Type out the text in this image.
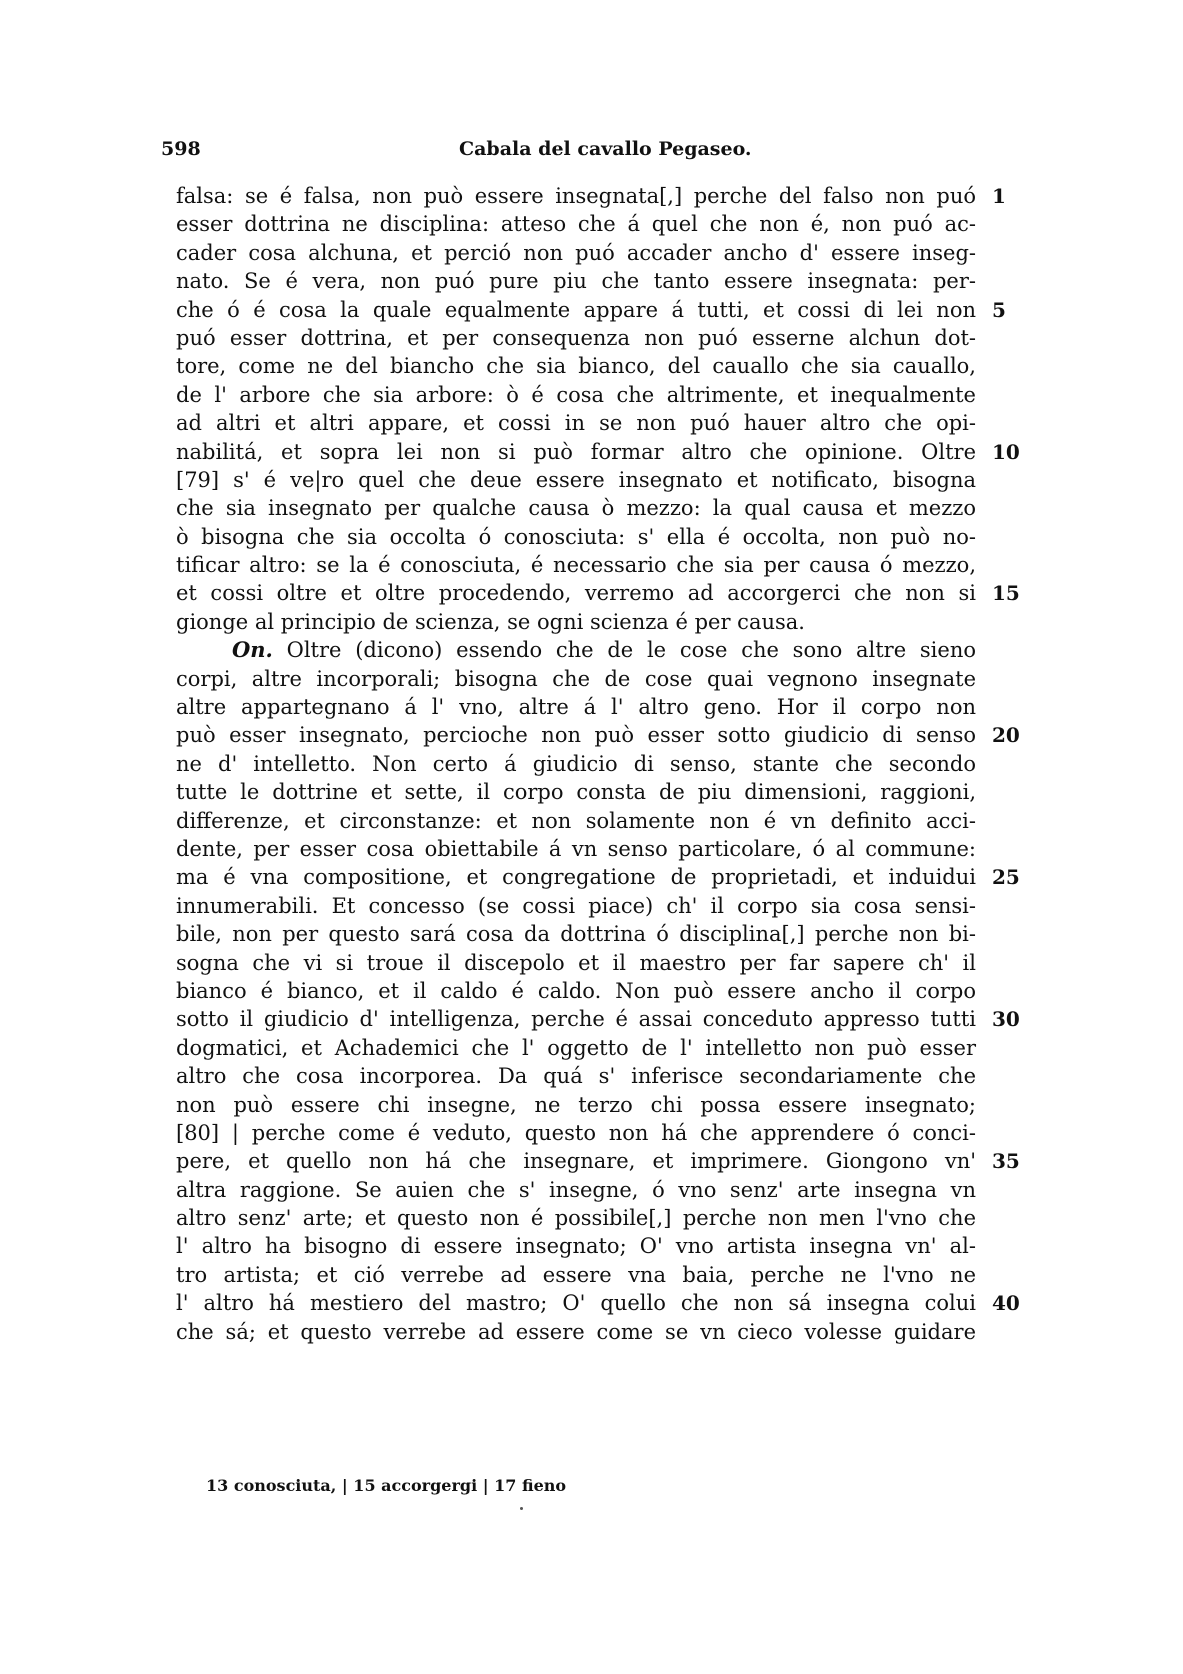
598	Cabala del cavallo Pegaseo.
falsa: se é falsa, non può essere insegnata[,] perche del falso non puó 1
esser dottrina ne disciplina: atteso che á quel che non é, non puó ac-
cader cosa alchuna, et perció non puó accader ancho d' essere inseg-
nato. Se é vera, non puó pure piu che tanto essere insegnata: per-
che ó é cosa la quale equalmente appare á tutti, et cossi di lei non 5
puó esser dottrina, et per consequenza non puó esserne alchun dot-
tore, come ne del biancho che sia bianco, del cauallo che sia cauallo,
de l' arbore che sia arbore: ò é cosa che altrimente, et inequalmente
ad altri et altri appare, et cossi in se non puó hauer altro che opi-
nabilitá, et sopra lei non si può formar altro che opinione. Oltre 10
[79] s' é ve|ro quel che deue essere insegnato et notificato, bisogna
che sia insegnato per qualche causa ò mezzo: la qual causa et mezzo
ò bisogna che sia occolta ó conosciuta: s' ella é occolta, non può no-
tificar altro: se la é conosciuta, é necessario che sia per causa ó mezzo,
et cossi oltre et oltre procedendo, verremo ad accorgerci che non si 15
gionge al principio de scienza, se ogni scienza é per causa.
On. Oltre (dicono) essendo che de le cose che sono altre sieno
corpi, altre incorporali; bisogna che de cose quai vegnono insegnate
altre appartegnano á l' vno, altre á l' altro geno. Hor il corpo non
può esser insegnato, percioche non può esser sotto giudicio di senso 20
ne d' intelletto. Non certo á giudicio di senso, stante che secondo
tutte le dottrine et sette, il corpo consta de piu dimensioni, raggioni,
differenze, et circonstanze: et non solamente non é vn definito acci-
dente, per esser cosa obiettabile á vn senso particolare, ó al commune:
ma é vna compositione, et congregatione de proprietadi, et induidui 25
innumerabili. Et concesso (se cossi piace) ch' il corpo sia cosa sensi-
bile, non per questo sará cosa da dottrina ó disciplina[,] perche non bi-
sogna che vi si troue il discepolo et il maestro per far sapere ch' il
bianco é bianco, et il caldo é caldo. Non può essere ancho il corpo
sotto il giudicio d' intelligenza, perche é assai conceduto appresso tutti 30
dogmatici, et Achademici che l' oggetto de l' intelletto non può esser
altro che cosa incorporea. Da quá s' inferisce secondariamente che
non può essere chi insegne, ne terzo chi possa essere insegnato;
[80] | perche come é veduto, questo non há che apprendere ó conci-
pere, et quello non há che insegnare, et imprimere. Giongono vn' 35
altra raggione. Se auien che s' insegne, ó vno senz' arte insegna vn
altro senz' arte; et questo non é possibile[,] perche non men l'vno che
l' altro ha bisogno di essere insegnato; O' vno artista insegna vn' al-
tro artista; et ció verrebe ad essere vna baia, perche ne l'vno ne
l' altro há mestiero del mastro; O' quello che non sá insegna colui 40
che sá; et questo verrebe ad essere come se vn cieco volesse guidare
13 conosciuta, | 15 accorgergi | 17 fieno
